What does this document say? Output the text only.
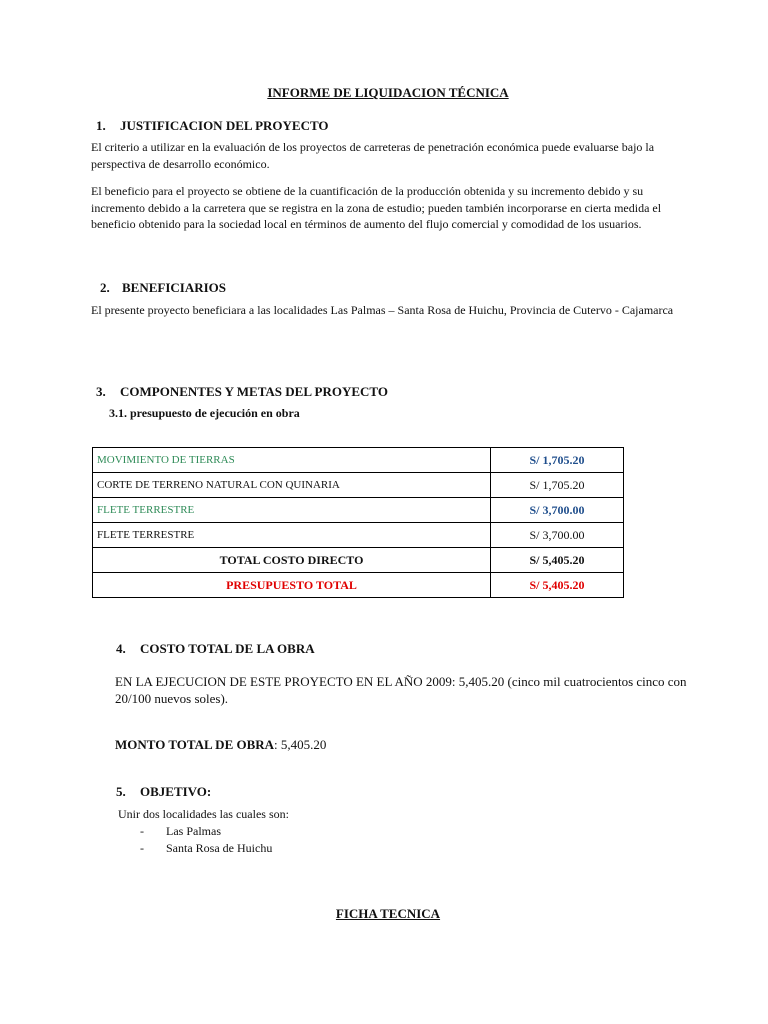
INFORME DE LIQUIDACION TÉCNICA
1. JUSTIFICACION DEL PROYECTO
El criterio a utilizar en la evaluación de los proyectos de carreteras de penetración económica puede evaluarse bajo la perspectiva de desarrollo económico.
El beneficio para el proyecto se obtiene de la cuantificación de la producción obtenida y su incremento debido y su incremento debido a la carretera que se registra en la zona de estudio; pueden también incorporarse en cierta medida el beneficio obtenido para la sociedad local en términos de aumento del flujo comercial y comodidad de los usuarios.
2. BENEFICIARIOS
El presente proyecto beneficiara a las localidades Las Palmas – Santa Rosa de Huichu, Provincia de Cutervo - Cajamarca
3. COMPONENTES Y METAS DEL PROYECTO
3.1. presupuesto de ejecución en obra
MOVIMIENTO DE TIERRAS	S/ 1,705.20
CORTE DE TERRENO NATURAL CON QUINARIA	S/ 1,705.20
FLETE TERRESTRE	S/ 3,700.00
FLETE TERRESTRE	S/ 3,700.00
TOTAL COSTO DIRECTO	S/ 5,405.20
PRESUPUESTO TOTAL	S/ 5,405.20
4. COSTO TOTAL DE LA OBRA
EN LA EJECUCION DE ESTE PROYECTO EN EL AÑO 2009: 5,405.20 (cinco mil cuatrocientos cinco con 20/100 nuevos soles).
MONTO TOTAL DE OBRA: 5,405.20
5. OBJETIVO:
Unir dos localidades las cuales son:
- Las Palmas
- Santa Rosa de Huichu
FICHA TECNICA
